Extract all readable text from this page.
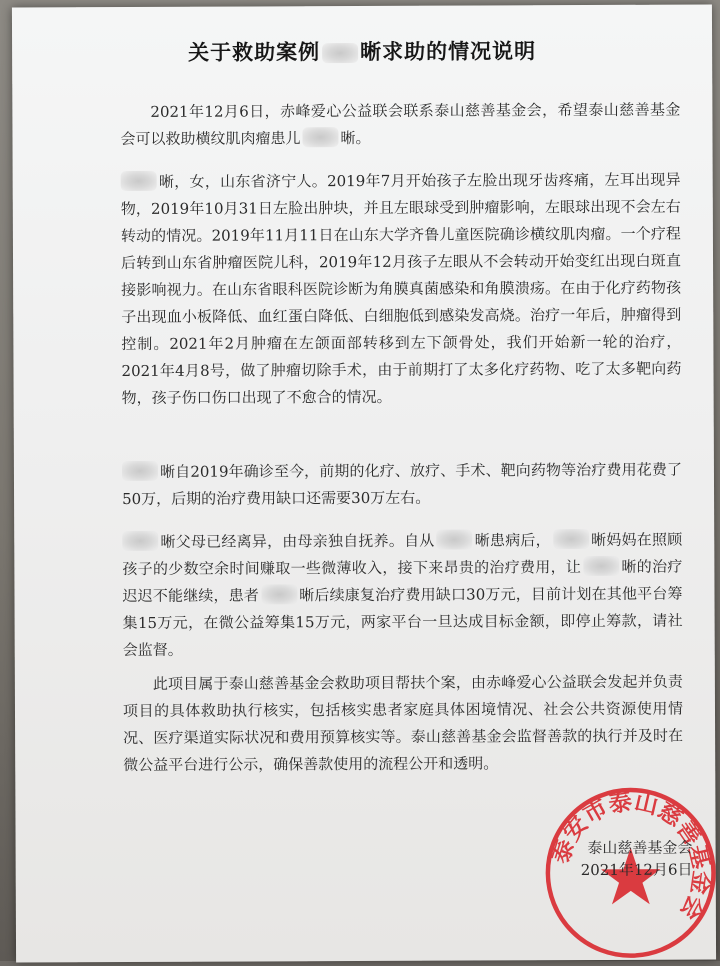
关于救助案例 晰求助的情况说明

2021年12月6日，赤峰爱心公益联会联系泰山慈善基金会，希望泰山慈善基金会可以救助横纹肌肉瘤患儿	晰。

晰，女，山东省济宁人。2019年7月开始孩子左脸出现牙齿疼痛，左耳出现异物，2019年10月31日左脸出肿块，并且左眼球受到肿瘤影响，左眼球出现不会左右转动的情况。2019年11月11日在山东大学齐鲁儿童医院确诊横纹肌肉瘤。一个疗程后转到山东省肿瘤医院儿科，2019年12月孩子左眼从不会转动开始变红出现白斑直接影响视力。在山东省眼科医院诊断为角膜真菌感染和角膜溃疡。在由于化疗药物孩子出现血小板降低、血红蛋白降低、白细胞低到感染发高烧。治疗一年后，肿瘤得到控制。2021年2月肿瘤在左颌面部转移到左下颌骨处，我们开始新一轮的治疗，2021年4月8号，做了肿瘤切除手术，由于前期打了太多化疗药物、吃了太多靶向药物，孩子伤口伤口出现了不愈合的情况。

晰自2019年确诊至今，前期的化疗、放疗、手术、靶向药物等治疗费用花费了50万，后期的治疗费用缺口还需要30万左右。

晰父母已经离异，由母亲独自抚养。自从	晰患病后，	晰妈妈在照顾孩子的少数空余时间赚取一些微薄收入，接下来昂贵的治疗费用，让	晰的治疗迟迟不能继续，患者	晰后续康复治疗费用缺口30万元，目前计划在其他平台筹集15万元，在微公益筹集15万元，两家平台一旦达成目标金额，即停止筹款，请社会监督。

此项目属于泰山慈善基金会救助项目帮扶个案，由赤峰爱心公益联会发起并负责项目的具体救助执行核实，包括核实患者家庭具体困境情况、社会公共资源使用情况、医疗渠道实际状况和费用预算核实等。泰山慈善基金会监督善款的执行并及时在微公益平台进行公示，确保善款使用的流程公开和透明。

泰安市泰山慈善基金会
泰山慈善基金会
2021年12月6日
